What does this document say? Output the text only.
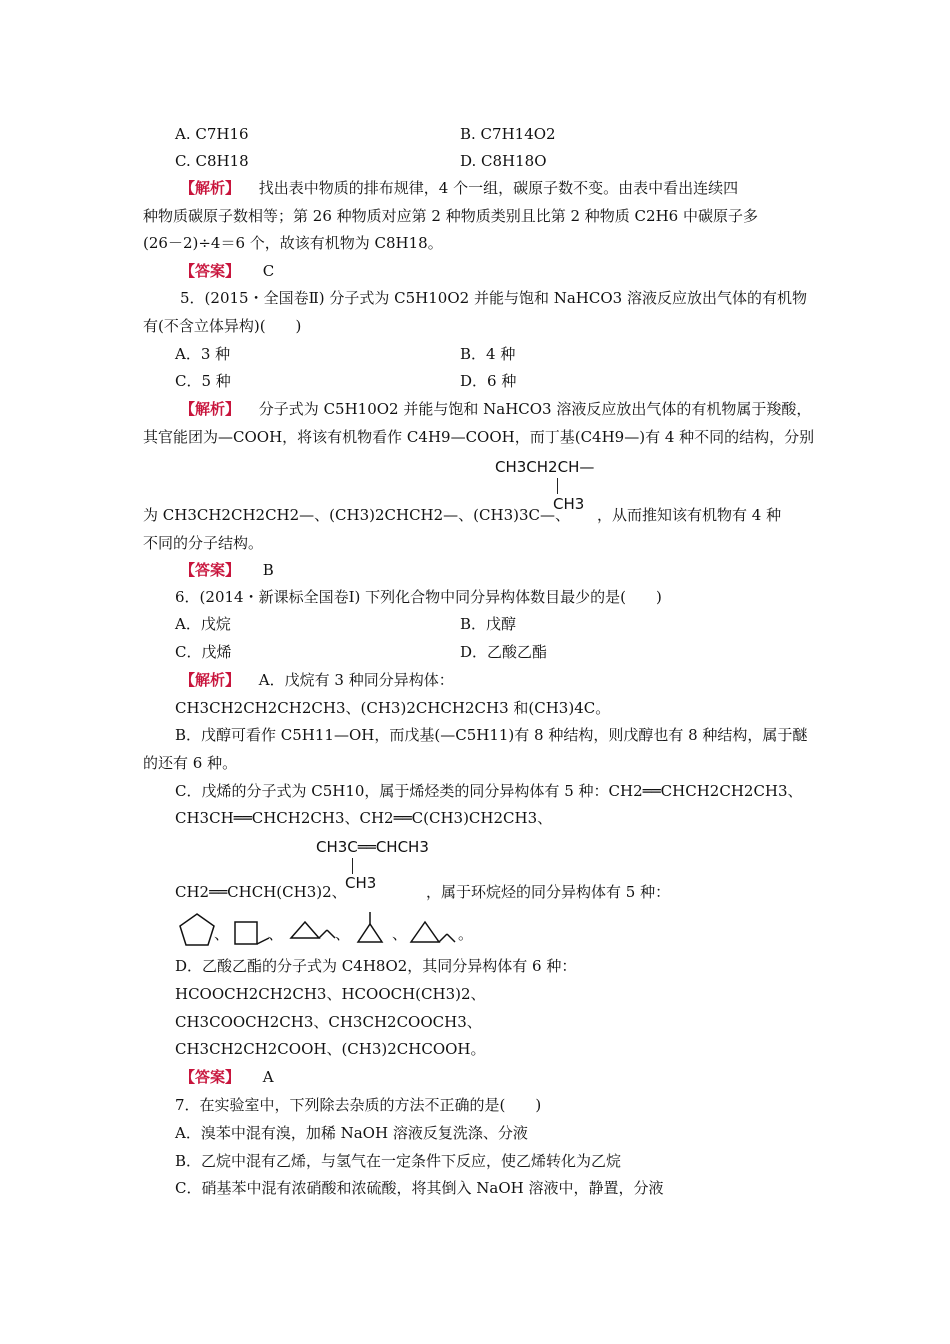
A. C7H16	B. C7H14O2
C. C8H18	D. C8H18O
【解析】 找出表中物质的排布规律，4 个一组，碳原子数不变。由表中看出连续四
种物质碳原子数相等；第 26 种物质对应第 2 种物质类别且比第 2 种物质 C2H6 中碳原子多
(26－2)÷4＝6 个，故该有机物为 C8H18。
【答案】 C
5．(2015・全国卷Ⅱ) 分子式为 C5H10O2 并能与饱和 NaHCO3 溶液反应放出气体的有机物
有(不含立体异构)(　　)
A．3 种	B．4 种
C．5 种	D．6 种
【解析】 分子式为 C5H10O2 并能与饱和 NaHCO3 溶液反应放出气体的有机物属于羧酸，
其官能团为—COOH，将该有机物看作 C4H9—COOH，而丁基(C4H9—)有 4 种不同的结构，分别
CH3CH2CH—
CH3
为 CH3CH2CH2CH2—、(CH3)2CHCH2—、(CH3)3C—、 ，从而推知该有机物有 4 种
不同的分子结构。
【答案】 B
6．(2014・新课标全国卷Ⅰ) 下列化合物中同分异构体数目最少的是(　　)
A．戊烷	B．戊醇
C．戊烯	D．乙酸乙酯
【解析】 A．戊烷有 3 种同分异构体：
CH3CH2CH2CH2CH3、(CH3)2CHCH2CH3 和(CH3)4C。
B．戊醇可看作 C5H11—OH，而戊基(—C5H11)有 8 种结构，则戊醇也有 8 种结构，属于醚
的还有 6 种。
C．戊烯的分子式为 C5H10，属于烯烃类的同分异构体有 5 种：CH2══CHCH2CH2CH3、
CH3CH══CHCH2CH3、CH2══C(CH3)CH2CH3、
CH3C══CHCH3
CH3
CH2══CHCH(CH3)2、	，属于环烷烃的同分异构体有 5 种：
、	、	、	、	。
D．乙酸乙酯的分子式为 C4H8O2，其同分异构体有 6 种：
HCOOCH2CH2CH3、HCOOCH(CH3)2、
CH3COOCH2CH3、CH3CH2COOCH3、
CH3CH2CH2COOH、(CH3)2CHCOOH。
【答案】 A
7．在实验室中，下列除去杂质的方法不正确的是(　　)
A．溴苯中混有溴，加稀 NaOH 溶液反复洗涤、分液
B．乙烷中混有乙烯，与氢气在一定条件下反应，使乙烯转化为乙烷
C．硝基苯中混有浓硝酸和浓硫酸，将其倒入 NaOH 溶液中，静置，分液
